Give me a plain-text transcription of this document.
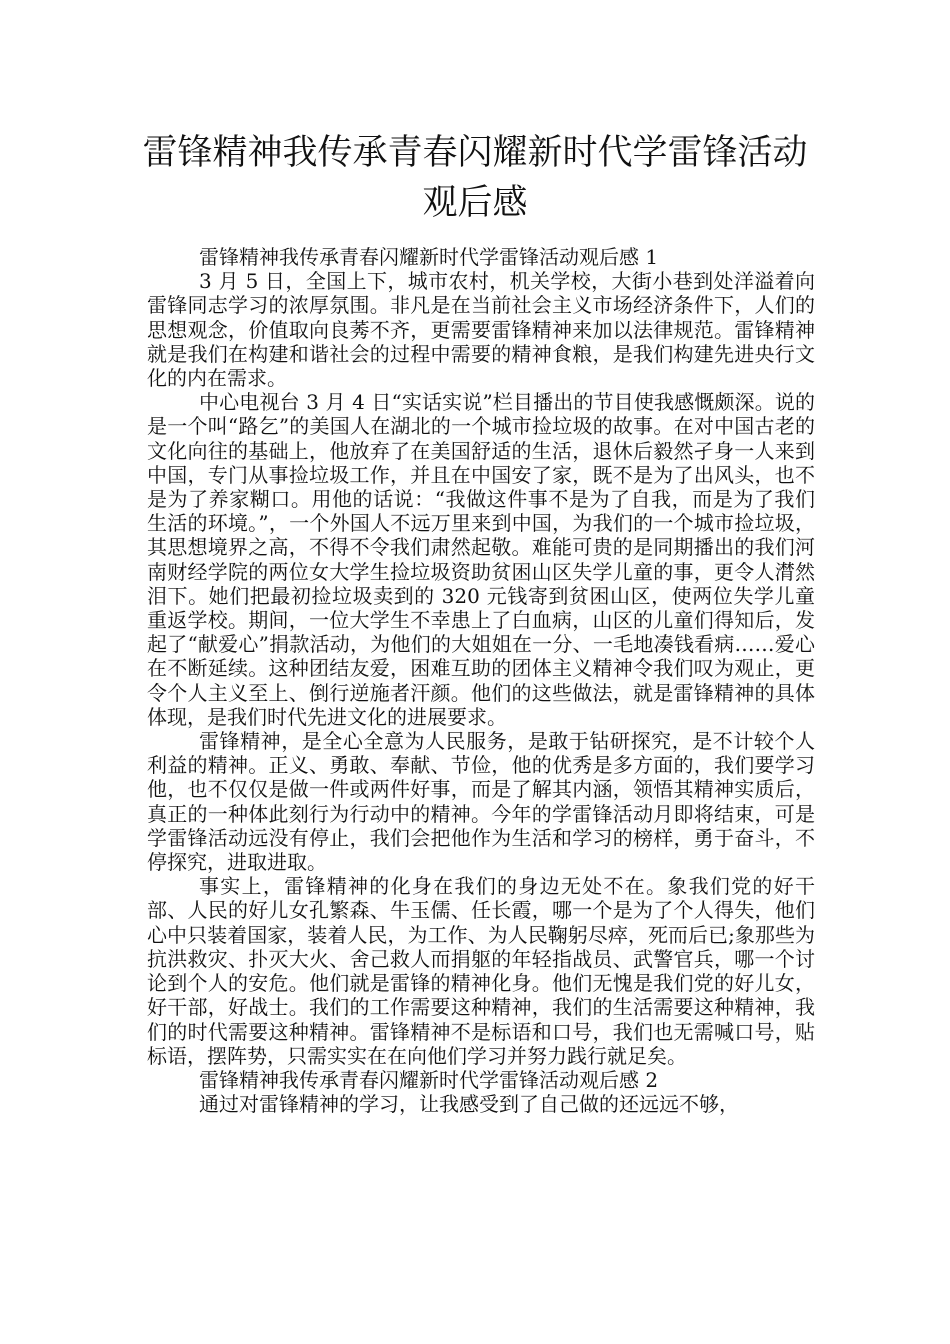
雷锋精神我传承青春闪耀新时代学雷锋活动观后感

雷锋精神我传承青春闪耀新时代学雷锋活动观后感 1

3 月 5 日，全国上下，城市农村，机关学校，大街小巷到处洋溢着向雷锋同志学习的浓厚氛围。非凡是在当前社会主义市场经济条件下，人们的思想观念，价值取向良莠不齐，更需要雷锋精神来加以法律规范。雷锋精神就是我们在构建和谐社会的过程中需要的精神食粮，是我们构建先进央行文化的内在需求。

中心电视台 3 月 4 日“实话实说”栏目播出的节目使我感慨颇深。说的是一个叫“路乞”的美国人在湖北的一个城市捡垃圾的故事。在对中国古老的文化向往的基础上，他放弃了在美国舒适的生活，退休后毅然孑身一人来到中国，专门从事捡垃圾工作，并且在中国安了家，既不是为了出风头，也不是为了养家糊口。用他的话说：“我做这件事不是为了自我，而是为了我们生活的环境。”，一个外国人不远万里来到中国，为我们的一个城市捡垃圾，其思想境界之高，不得不令我们肃然起敬。难能可贵的是同期播出的我们河南财经学院的两位女大学生捡垃圾资助贫困山区失学儿童的事，更令人潸然泪下。她们把最初捡垃圾卖到的 320 元钱寄到贫困山区，使两位失学儿童重返学校。期间，一位大学生不幸患上了白血病，山区的儿童们得知后，发起了“献爱心”捐款活动，为他们的大姐姐在一分、一毛地凑钱看病……爱心在不断延续。这种团结友爱，困难互助的团体主义精神令我们叹为观止，更令个人主义至上、倒行逆施者汗颜。他们的这些做法，就是雷锋精神的具体体现，是我们时代先进文化的进展要求。

雷锋精神，是全心全意为人民服务，是敢于钻研探究，是不计较个人利益的精神。正义、勇敢、奉献、节俭，他的优秀是多方面的，我们要学习他，也不仅仅是做一件或两件好事，而是了解其内涵，领悟其精神实质后，真正的一种体此刻行为行动中的精神。今年的学雷锋活动月即将结束，可是学雷锋活动远没有停止，我们会把他作为生活和学习的榜样，勇于奋斗，不停探究，进取进取。

事实上，雷锋精神的化身在我们的身边无处不在。象我们党的好干部、人民的好儿女孔繁森、牛玉儒、任长霞，哪一个是为了个人得失，他们心中只装着国家，装着人民，为工作、为人民鞠躬尽瘁，死而后已;象那些为抗洪救灾、扑灭大火、舍己救人而捐躯的年轻指战员、武警官兵，哪一个讨论到个人的安危。他们就是雷锋的精神化身。他们无愧是我们党的好儿女，好干部，好战士。我们的工作需要这种精神，我们的生活需要这种精神，我们的时代需要这种精神。雷锋精神不是标语和口号，我们也无需喊口号，贴标语，摆阵势，只需实实在在向他们学习并努力践行就足矣。

雷锋精神我传承青春闪耀新时代学雷锋活动观后感 2

通过对雷锋精神的学习，让我感受到了自己做的还远远不够，
